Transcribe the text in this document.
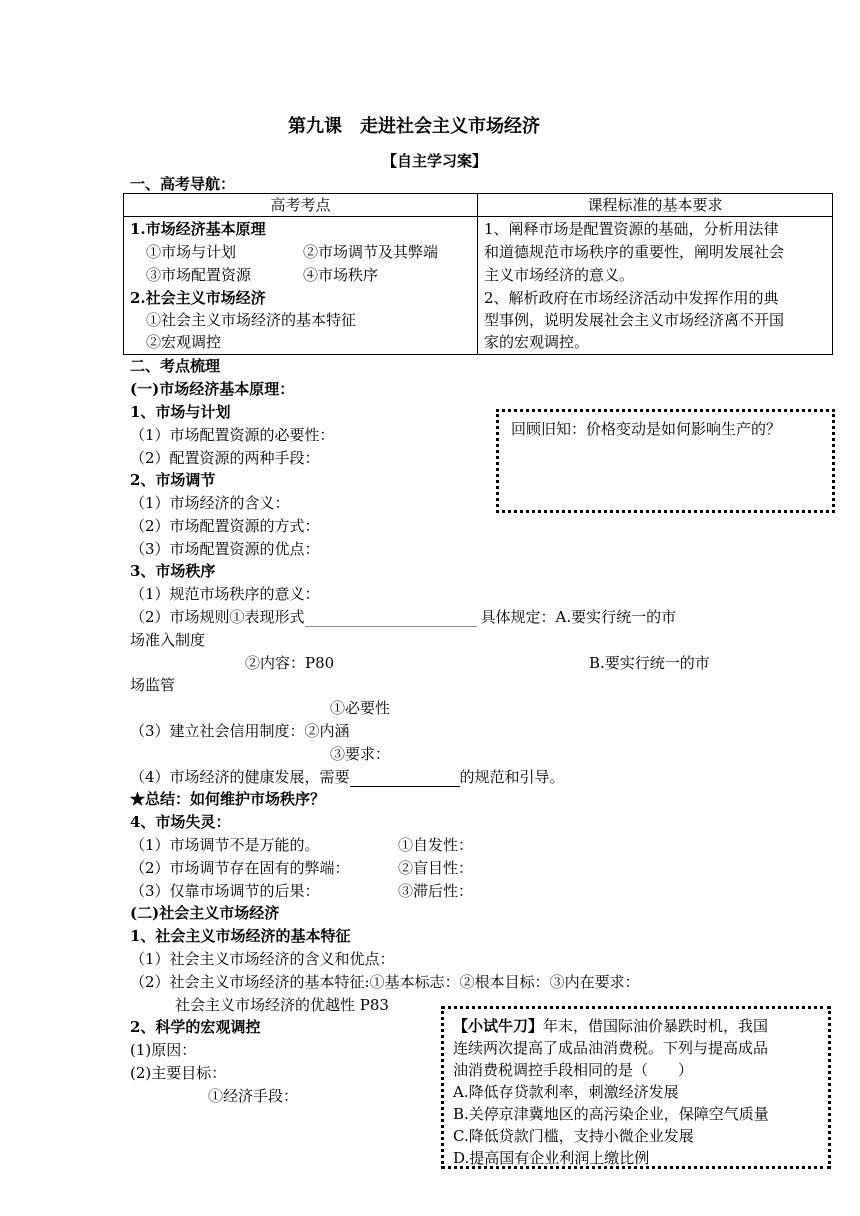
第九课　走进社会主义市场经济
【自主学习案】
一、高考导航：
高考考点	课程标准的基本要求
1.市场经济基本原理
①市场与计划	②市场调节及其弊端
③市场配置资源	④市场秩序
2.社会主义市场经济
①社会主义市场经济的基本特征
②宏观调控
1、阐释市场是配置资源的基础，分析用法律
和道德规范市场秩序的重要性，阐明发展社会
主义市场经济的意义。
2、解析政府在市场经济活动中发挥作用的典
型事例，说明发展社会主义市场经济离不开国
家的宏观调控。
二、考点梳理
(一)市场经济基本原理：
1、市场与计划
（1）市场配置资源的必要性：
（2）配置资源的两种手段：
回顾旧知：价格变动是如何影响生产的？
2、市场调节
（1）市场经济的含义：
（2）市场配置资源的方式：
（3）市场配置资源的优点：
3、市场秩序
（1）规范市场秩序的意义：
（2）市场规则①表现形式	具体规定：A.要实行统一的市
场准入制度
②内容：P80	B.要实行统一的市
场监管
①必要性
（3）建立社会信用制度：②内涵
③要求：
（4）市场经济的健康发展，需要	的规范和引导。
★总结：如何维护市场秩序？
4、市场失灵：
（1）市场调节不是万能的。	①自发性：
（2）市场调节存在固有的弊端：	②盲目性：
（3）仅靠市场调节的后果：	③滞后性：
(二)社会主义市场经济
1、社会主义市场经济的基本特征
（1）社会主义市场经济的含义和优点：
（2）社会主义市场经济的基本特征:①基本标志：②根本目标：③内在要求：
社会主义市场经济的优越性 P83
2、科学的宏观调控
(1)原因：
(2)主要目标：
①经济手段：
【小试牛刀】年末，借国际油价暴跌时机，我国
连续两次提高了成品油消费税。下列与提高成品
油消费税调控手段相同的是（　　）
A.降低存贷款利率，刺激经济发展
B.关停京津冀地区的高污染企业，保障空气质量
C.降低贷款门槛，支持小微企业发展
D.提高国有企业利润上缴比例
